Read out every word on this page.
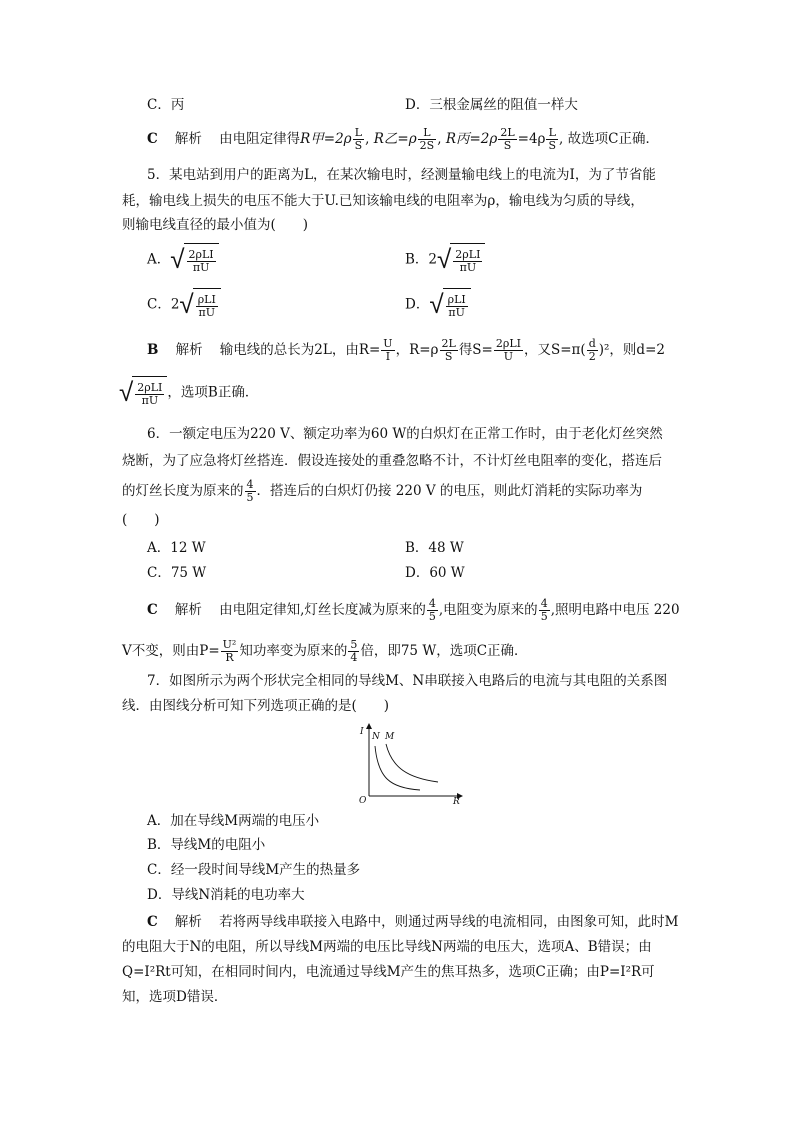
C．丙	D．三根金属丝的阻值一样大
C 解析 由电阻定律得R甲$=2\rho \frac{L}{S}$ , R乙$=\rho \frac{L}{2S}$ , R丙$=2\rho \frac{2L}{S} =4\rho \frac{L}{S}$ , 故选项C正确．
5．某电站到用户的距离为L，在某次输电时，经测量输电线上的电流为I，为了节省能
耗，输电线上损失的电压不能大于U.已知该输电线的电阻率为ρ，输电线为匀质的导线，
则输电线直径的最小值为(　　)
A． √ $\frac{\text{2ρLI}}{\pi U}$	B．2 √ $\frac{\text{2ρLI}}{\pi U}$
C．2 √ $\frac{\text{ρLI}}{\pi U}$	D． √ $\frac{\text{ρLI}}{\pi U}$
B 解析 输电线的总长为2L，由$R= \frac{U}{I}$ ，$R=\rho \frac{2L}{S}$ 得$S= \frac{\text{2ρLI}}{U}$ ，又$S=\pi( \frac{d}{2} )^2$，则d=2
√ $\frac{\text{2ρLI}}{\pi U}$ ，选项B正确．
6．一额定电压为220 V、额定功率为60 W的白炽灯在正常工作时，由于老化灯丝突然
烧断，为了应急将灯丝搭连．假设连接处的重叠忽略不计，不计灯丝电阻率的变化，搭连后
的灯丝长度为原来的 $\frac{4}{5}$ ．搭连后的白炽灯仍接 220 V 的电压，则此灯消耗的实际功率为
(　　)
A．12 W	B．48 W
C．75 W	D．60 W
C 解析 由电阻定律知,灯丝长度减为原来的 $\frac{4}{5}$ ,电阻变为原来的 $\frac{4}{5}$ ,照明电路中电压 220
V不变，则由$P= \frac{\text{U²}}{R}$ 知功率变为原来的 $\frac{5}{4}$ 倍，即75 W，选项C正确．
7．如图所示为两个形状完全相同的导线M、N串联接入电路后的电流与其电阻的关系图
线．由图线分析可知下列选项正确的是(　　)
I
R
O
N M
A．加在导线M两端的电压小
B．导线M的电阻小
C．经一段时间导线M产生的热量多
D．导线N消耗的电功率大
C 解析 若将两导线串联接入电路中，则通过两导线的电流相同，由图象可知，此时M
的电阻大于N的电阻，所以导线M两端的电压比导线N两端的电压大，选项A、B错误；由
Q=I²Rt可知，在相同时间内，电流通过导线M产生的焦耳热多，选项C正确；由P=I²R可
知，选项D错误．
